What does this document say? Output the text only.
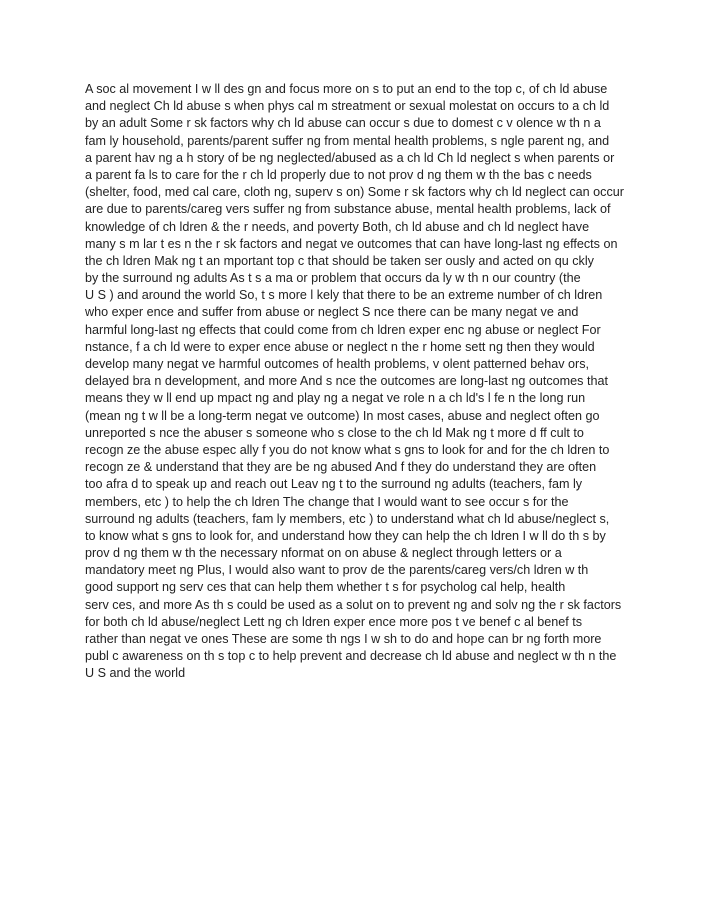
A soc al movement I w ll des gn and focus more on s to put an end to the top c, of ch ld abuse
and neglect Ch ld abuse s when phys cal m streatment or sexual molestat on occurs to a ch ld
by an adult Some r sk factors why ch ld abuse can occur s due to domest c v olence w th n a
fam ly household, parents/parent suffer ng from mental health problems, s ngle parent ng, and
a parent hav ng a h story of be ng neglected/abused as a ch ld Ch ld neglect s when parents or
a parent fa ls to care for the r ch ld properly due to not prov d ng them w th the bas c needs
(shelter, food, med cal care, cloth ng, superv s on) Some r sk factors why ch ld neglect can occur
are due to parents/careg vers suffer ng from substance abuse, mental health problems, lack of
knowledge of ch ldren & the r needs, and poverty Both, ch ld abuse and ch ld neglect have
many s m lar t es n the r sk factors and negat ve outcomes that can have long-last ng effects on
the ch ldren Mak ng t an mportant top c that should be taken ser ously and acted on qu ckly
by the surround ng adults As t s a ma or problem that occurs da ly w th n our country (the
U S ) and around the world So, t s more l kely that there to be an extreme number of ch ldren
who exper ence and suffer from abuse or neglect S nce there can be many negat ve and
harmful long-last ng effects that could come from ch ldren exper enc ng abuse or neglect For
nstance, f a ch ld were to exper ence abuse or neglect n the r home sett ng then they would
develop many negat ve harmful outcomes of health problems, v olent patterned behav ors,
delayed bra n development, and more And s nce the outcomes are long-last ng outcomes that
means they w ll end up mpact ng and play ng a negat ve role n a ch ld's l fe n the long run
(mean ng t w ll be a long-term negat ve outcome) In most cases, abuse and neglect often go
unreported s nce the abuser s someone who s close to the ch ld Mak ng t more d ff cult to
recogn ze the abuse espec ally f you do not know what s gns to look for and for the ch ldren to
recogn ze & understand that they are be ng abused And f they do understand they are often
too afra d to speak up and reach out Leav ng t to the surround ng adults (teachers, fam ly
members, etc ) to help the ch ldren The change that I would want to see occur s for the
surround ng adults (teachers, fam ly members, etc ) to understand what ch ld abuse/neglect s,
to know what s gns to look for, and understand how they can help the ch ldren I w ll do th s by
prov d ng them w th the necessary nformat on on abuse & neglect through letters or a
mandatory meet ng Plus, I would also want to prov de the parents/careg vers/ch ldren w th
good support ng serv ces that can help them whether t s for psycholog cal help, health
serv ces, and more As th s could be used as a solut on to prevent ng and solv ng the r sk factors
for both ch ld abuse/neglect Lett ng ch ldren exper ence more pos t ve benef c al benef ts
rather than negat ve ones These are some th ngs I w sh to do and hope can br ng forth more
publ c awareness on th s top c to help prevent and decrease ch ld abuse and neglect w th n the
U S and the world
